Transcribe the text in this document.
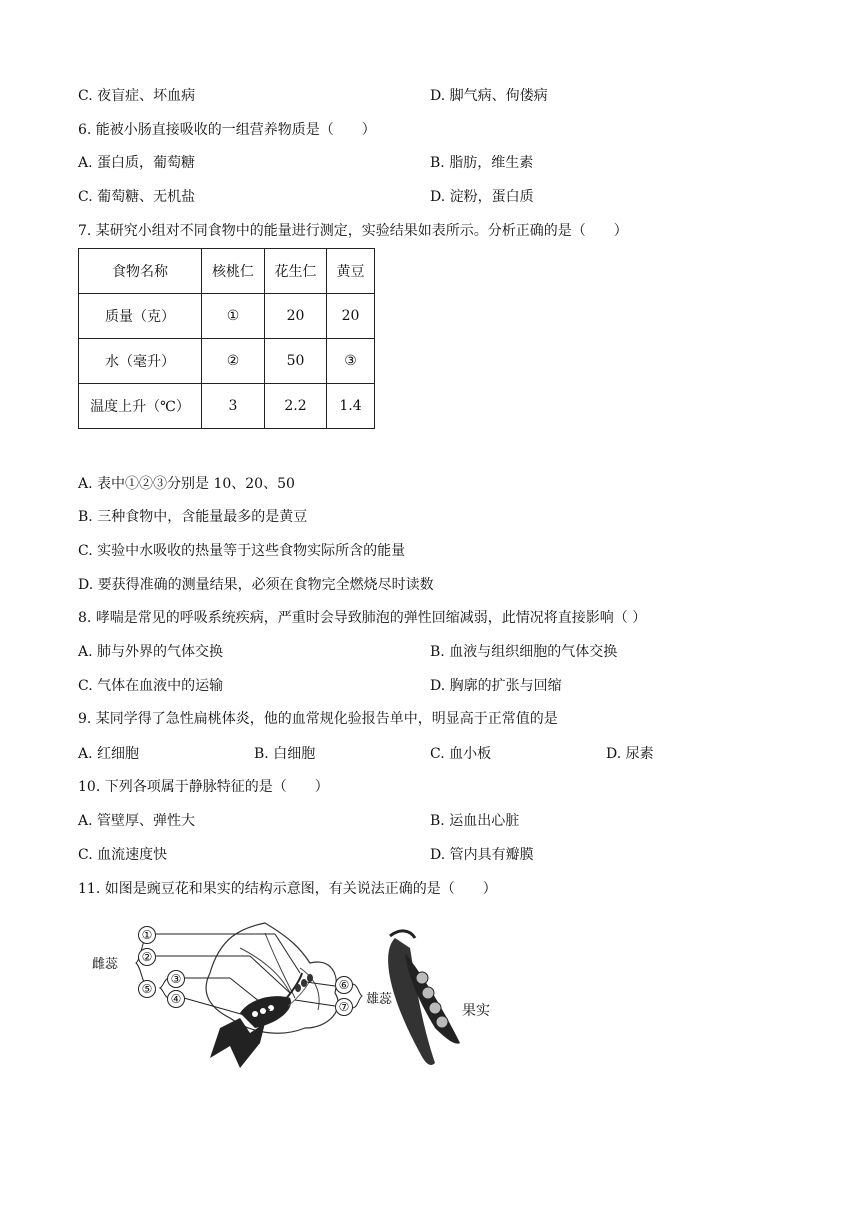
C. 夜盲症、坏血病	D. 脚气病、佝偻病
6. 能被小肠直接吸收的一组营养物质是（　　）
A. 蛋白质，葡萄糖	B. 脂肪，维生素
C. 葡萄糖、无机盐	D. 淀粉，蛋白质
7. 某研究小组对不同食物中的能量进行测定，实验结果如表所示。分析正确的是（　　）
食物名称	核桃仁	花生仁	黄豆
质量（克）	①	20	20
水（毫升）	②	50	③
温度上升（℃）	3	2.2	1.4
A. 表中①②③分别是 10、20、50
B. 三种食物中，含能量最多的是黄豆
C. 实验中水吸收的热量等于这些食物实际所含的能量
D. 要获得准确的测量结果，必须在食物完全燃烧尽时读数
8. 哮喘是常见的呼吸系统疾病，严重时会导致肺泡的弹性回缩减弱，此情况将直接影响（ ）
A. 肺与外界的气体交换	B. 血液与组织细胞的气体交换
C. 气体在血液中的运输	D. 胸廓的扩张与回缩
9. 某同学得了急性扁桃体炎，他的血常规化验报告单中，明显高于正常值的是
A. 红细胞	B. 白细胞	C. 血小板	D. 尿素
10. 下列各项属于静脉特征的是（　　）
A. 管壁厚、弹性大	B. 运血出心脏
C. 血流速度快	D. 管内具有瓣膜
11. 如图是豌豆花和果实的结构示意图，有关说法正确的是（　　）
雌蕊
①
②
③
④
⑤	⑥
⑦ 雄蕊
果实
